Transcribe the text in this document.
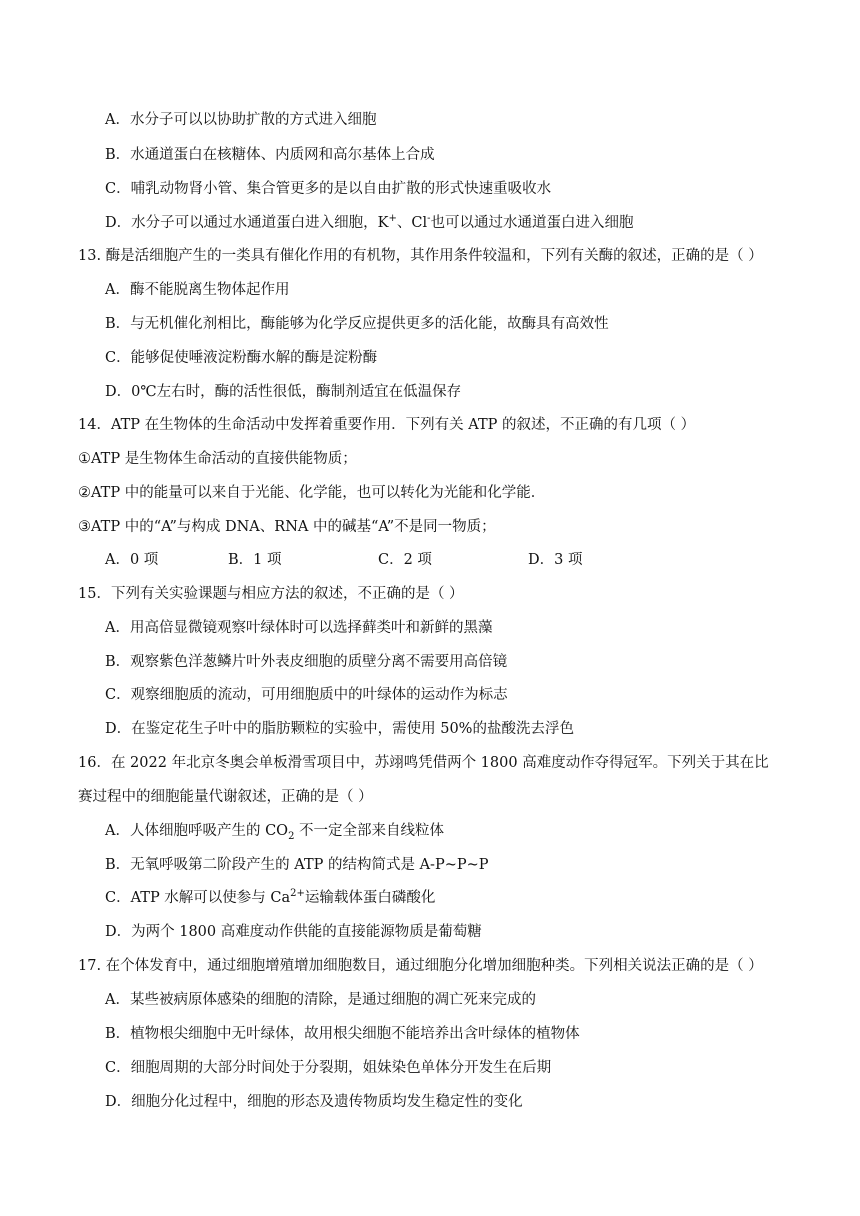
A．水分子可以以协助扩散的方式进入细胞
B．水通道蛋白在核糖体、内质网和高尔基体上合成
C．哺乳动物肾小管、集合管更多的是以自由扩散的形式快速重吸收水
D．水分子可以通过水通道蛋白进入细胞，K+、Cl-也可以通过水通道蛋白进入细胞
13. 酶是活细胞产生的一类具有催化作用的有机物，其作用条件较温和，下列有关酶的叙述，正确的是（ ）
A．酶不能脱离生物体起作用
B．与无机催化剂相比，酶能够为化学反应提供更多的活化能，故酶具有高效性
C．能够促使唾液淀粉酶水解的酶是淀粉酶
D．0℃左右时，酶的活性很低，酶制剂适宜在低温保存
14．ATP 在生物体的生命活动中发挥着重要作用．下列有关 ATP 的叙述，不正确的有几项（ ）
①ATP 是生物体生命活动的直接供能物质；
②ATP 中的能量可以来自于光能、化学能，也可以转化为光能和化学能．
③ATP 中的“A”与构成 DNA、RNA 中的碱基“A”不是同一物质；
A．0 项	B．1 项	C．2 项	D．3 项
15．下列有关实验课题与相应方法的叙述，不正确的是（ ）
A．用高倍显微镜观察叶绿体时可以选择藓类叶和新鲜的黑藻
B．观察紫色洋葱鳞片叶外表皮细胞的质壁分离不需要用高倍镜
C．观察细胞质的流动，可用细胞质中的叶绿体的运动作为标志
D．在鉴定花生子叶中的脂肪颗粒的实验中，需使用 50%的盐酸洗去浮色
16．在 2022 年北京冬奥会单板滑雪项目中，苏翊鸣凭借两个 1800 高难度动作夺得冠军。下列关于其在比
赛过程中的细胞能量代谢叙述，正确的是（ ）
A．人体细胞呼吸产生的 $CO_2$ 不一定全部来自线粒体
B．无氧呼吸第二阶段产生的 ATP 的结构简式是 A-P~P~P
C．ATP 水解可以使参与 $Ca^{2+}$运输载体蛋白磷酸化
D．为两个 1800 高难度动作供能的直接能源物质是葡萄糖
17. 在个体发育中，通过细胞增殖增加细胞数目，通过细胞分化增加细胞种类。下列相关说法正确的是（ ）
A．某些被病原体感染的细胞的清除，是通过细胞的凋亡死来完成的
B．植物根尖细胞中无叶绿体，故用根尖细胞不能培养出含叶绿体的植物体
C．细胞周期的大部分时间处于分裂期，姐妹染色单体分开发生在后期
D．细胞分化过程中，细胞的形态及遗传物质均发生稳定性的变化
